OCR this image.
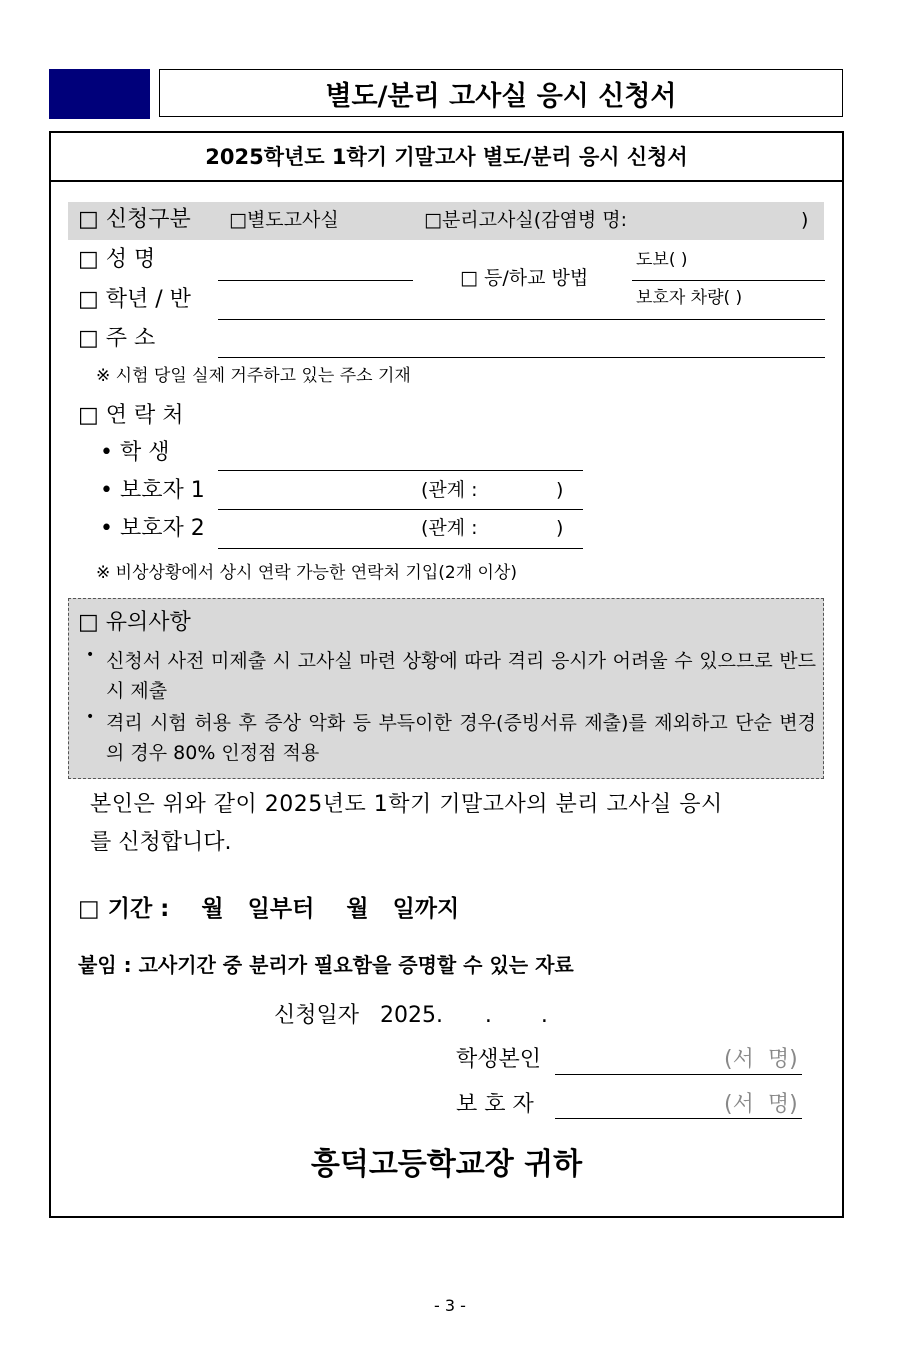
별도/분리 고사실 응시 신청서
2025학년도 1학기 기말고사 별도/분리 응시 신청서
□ 신청구분 □별도고사실	□분리고사실(감염병 명:	)
□ 성 명
□ 학년 / 반
□ 등/하교 방법
도보( )
보호자 차량( )
□ 주 소
※ 시험 당일 실제 거주하고 있는 주소 기재
□ 연 락 처
• 학 생
• 보호자 1	(관계 :	)
• 보호자 2	(관계 :	)
※ 비상상황에서 상시 연락 가능한 연락처 기입(2개 이상)
□ 유의사항
• 신청서 사전 미제출 시 고사실 마련 상황에 따라 격리 응시가 어려울 수 있으므로 반드시 제출
• 격리 시험 허용 후 증상 악화 등 부득이한 경우(증빙서류 제출)를 제외하고 단순 변경의 경우 80% 인정점 적용
본인은 위와 같이 2025년도 1학기 기말고사의 분리 고사실 응시
를 신청합니다.
□ 기간 :    월   일부터    월   일까지
붙임 : 고사기간 중 분리가 필요함을 증명할 수 있는 자료
신청일자   2025.      .       .
학생본인	(서  명)
보 호 자	(서  명)
흥덕고등학교장 귀하
- 3 -
